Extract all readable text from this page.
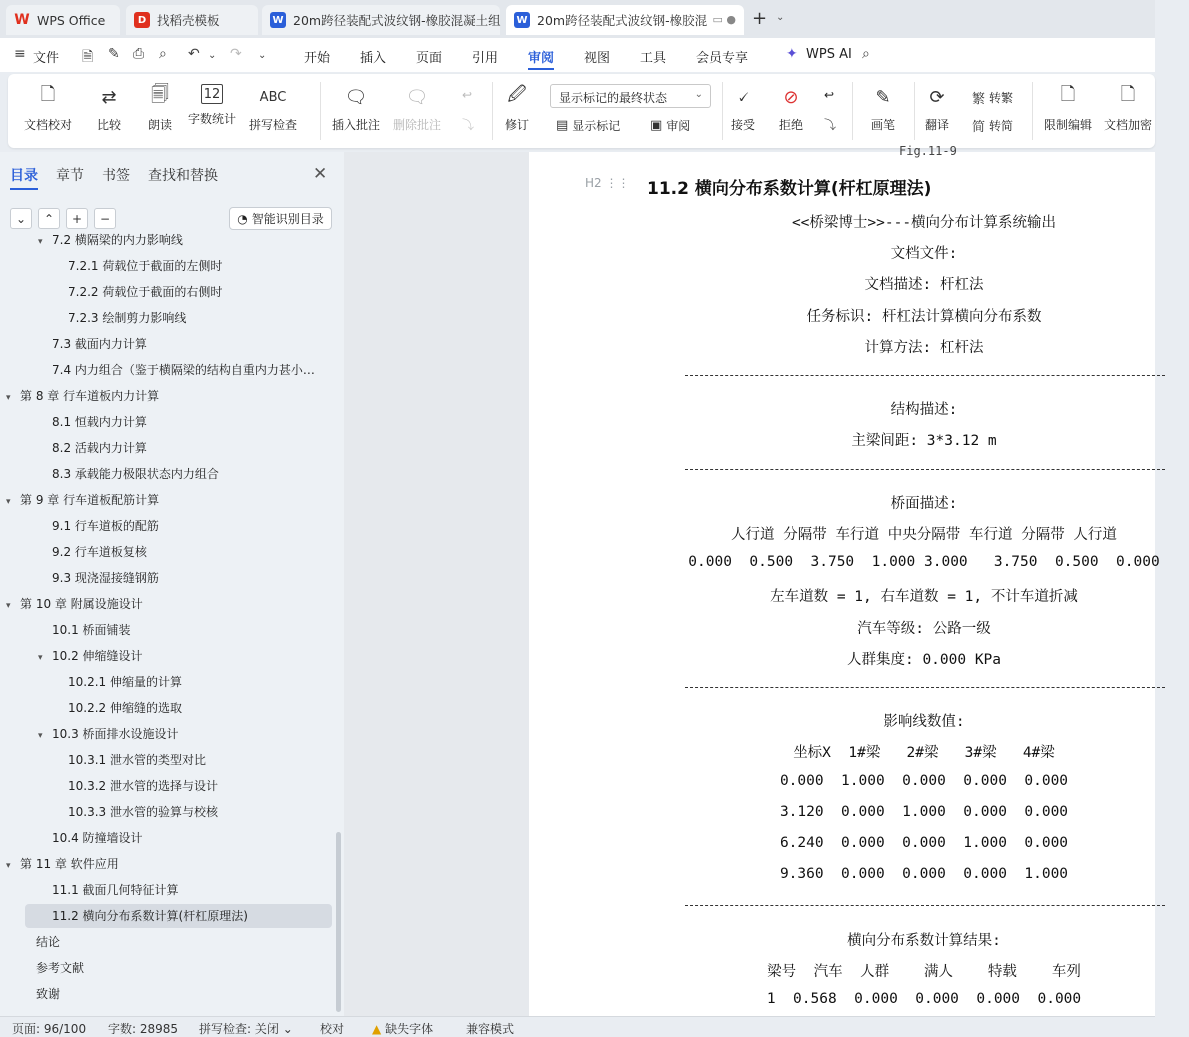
W WPS Office	D 找稻壳模板	W 20m跨径装配式波纹钢-橡胶混凝土组 W 20m跨径装配式波纹钢-橡胶混 ▭ ● + ⌄
≡ 文件 🗎 ✎ ⎙ ⌕ ↶ ⌄ ↷ ⌄	开始 插入 页面 引用 审阅 视图 工具 会员专享	✦ WPS AI ⌕
🗋
文档校对
⇄
比较
🗐
朗读
12
字数统计
ABC
拼写检查
🗨
插入批注
🗨
删除批注
↩
⤵
🖉
修订
显示标记的最终状态	⌄
▤ 显示标记 ▣ 审阅
🗸
接受
⊘
拒绝
↩
⤵
✎
画笔
⟳
翻译
繁 转繁
简 转简
🗋
限制编辑
🗋
文档加密
目录 章节 书签 查找和替换	✕
⌄	⌃	+	−	◔ 智能识别目录
▾ 7.2 横隔梁的内力影响线
7.2.1 荷载位于截面的左侧时
7.2.2 荷载位于截面的右侧时
7.2.3 绘制剪力影响线
7.3 截面内力计算
7.4 内力组合（鉴于横隔梁的结构自重内力甚小…
▾ 第 8 章 行车道板内力计算
8.1 恒载内力计算
8.2 活载内力计算
8.3 承载能力极限状态内力组合
▾ 第 9 章 行车道板配筋计算
9.1 行车道板的配筋
9.2 行车道板复核
9.3 现浇湿接缝钢筋
▾ 第 10 章 附属设施设计
10.1 桥面铺装
▾ 10.2 伸缩缝设计
10.2.1 伸缩量的计算
10.2.2 伸缩缝的选取
▾ 10.3 桥面排水设施设计
10.3.1 泄水管的类型对比
10.3.2 泄水管的选择与设计
10.3.3 泄水管的验算与校核
10.4 防撞墙设计
▾ 第 11 章 软件应用
11.1 截面几何特征计算
11.2 横向分布系数计算(杆杠原理法)
结论
参考文献
致谢
Fig.11-9
H2 ⋮⋮ 11.2 横向分布系数计算(杆杠原理法)
<<桥梁博士>>---横向分布计算系统输出
文档文件:
文档描述: 杆杠法
任务标识: 杆杠法计算横向分布系数
计算方法: 杠杆法
结构描述:
主梁间距: 3*3.12 m
桥面描述:
人行道 分隔带 车行道 中央分隔带 车行道 分隔带 人行道
0.000  0.500  3.750  1.000 3.000   3.750  0.500  0.000
左车道数 = 1, 右车道数 = 1, 不计车道折减
汽车等级: 公路一级
人群集度: 0.000 KPa
影响线数值:
坐标X  1#梁   2#梁   3#梁   4#梁
0.000  1.000  0.000  0.000  0.000
3.120  0.000  1.000  0.000  0.000
6.240  0.000  0.000  1.000  0.000
9.360  0.000  0.000  0.000  1.000
横向分布系数计算结果:
梁号  汽车  人群    满人    特载    车列
1  0.568  0.000  0.000  0.000  0.000
页面: 96/100 字数: 28985 拼写检查: 关闭 ⌄ 校对 ▲ 缺失字体	兼容模式
